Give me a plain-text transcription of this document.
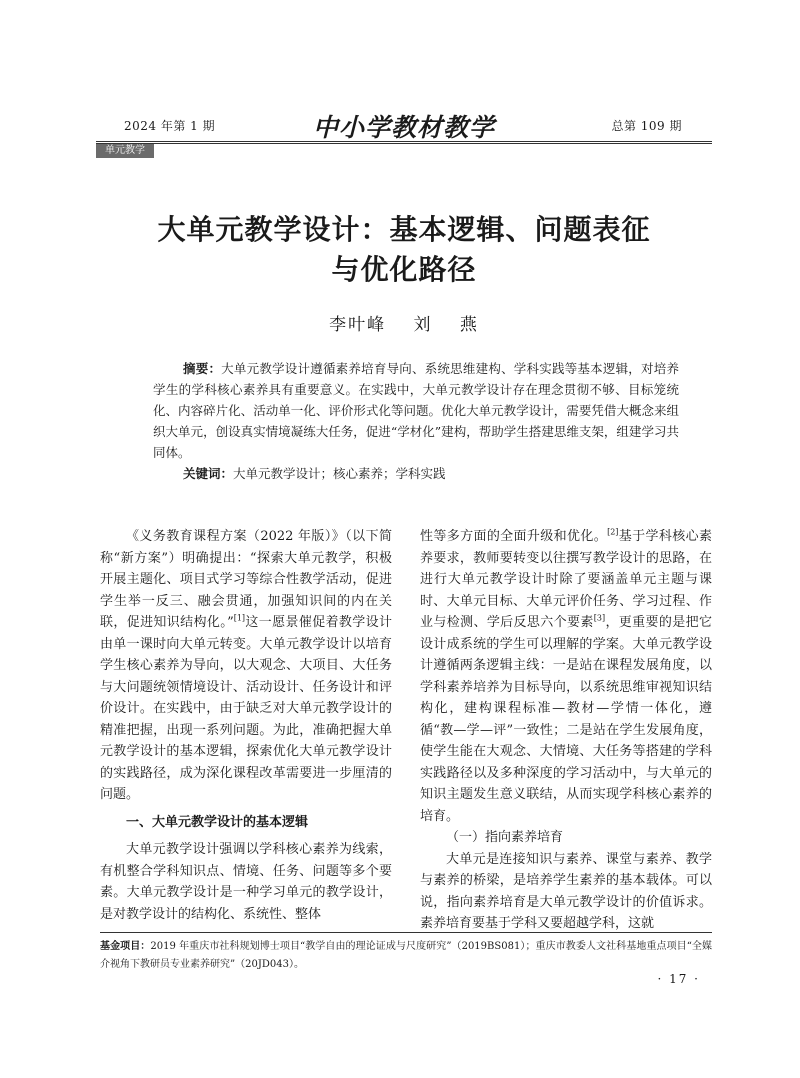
2024 年第 1 期	中小学教材教学	总第 109 期
单元教学
大单元教学设计：基本逻辑、问题表征
与优化路径
李叶峰 刘 燕

摘要：大单元教学设计遵循素养培育导向、系统思维建构、学科实践等基本逻辑，对培养学生的学科核心素养具有重要意义。在实践中，大单元教学设计存在理念贯彻不够、目标笼统化、内容碎片化、活动单一化、评价形式化等问题。优化大单元教学设计，需要凭借大概念来组织大单元，创设真实情境凝练大任务，促进“学材化”建构，帮助学生搭建思维支架，组建学习共同体。

关键词：大单元教学设计；核心素养；学科实践

《义务教育课程方案（2022 年版）》（以下简称“新方案”）明确提出：“探索大单元教学，积极开展主题化、项目式学习等综合性教学活动，促进学生举一反三、融会贯通，加强知识间的内在关联，促进知识结构化。”[1]这一愿景催促着教学设计由单一课时向大单元转变。大单元教学设计以培育学生核心素养为导向，以大观念、大项目、大任务与大问题统领情境设计、活动设计、任务设计和评价设计。在实践中，由于缺乏对大单元教学设计的精准把握，出现一系列问题。为此，准确把握大单元教学设计的基本逻辑，探索优化大单元教学设计的实践路径，成为深化课程改革需要进一步厘清的问题。

一、大单元教学设计的基本逻辑

大单元教学设计强调以学科核心素养为线索，有机整合学科知识点、情境、任务、问题等多个要素。大单元教学设计是一种学习单元的教学设计，是对教学设计的结构化、系统性、整体

性等多方面的全面升级和优化。[2]基于学科核心素养要求，教师要转变以往撰写教学设计的思路，在进行大单元教学设计时除了要涵盖单元主题与课时、大单元目标、大单元评价任务、学习过程、作业与检测、学后反思六个要素[3]，更重要的是把它设计成系统的学生可以理解的学案。大单元教学设计遵循两条逻辑主线：一是站在课程发展角度，以学科素养培养为目标导向，以系统思维审视知识结构化，建构课程标准—教材—学情一体化，遵循“教—学—评”一致性；二是站在学生发展角度，使学生能在大观念、大情境、大任务等搭建的学科实践路径以及多种深度的学习活动中，与大单元的知识主题发生意义联结，从而实现学科核心素养的培育。

（一）指向素养培育

大单元是连接知识与素养、课堂与素养、教学与素养的桥梁，是培养学生素养的基本载体。可以说，指向素养培育是大单元教学设计的价值诉求。素养培育要基于学科又要超越学科，这就

基金项目：2019 年重庆市社科规划博士项目“教学自由的理论证成与尺度研究”（2019BS081）；重庆市教委人文社科基地重点项目“全媒介视角下教研员专业素养研究”（20JD043）。
· 17 ·
